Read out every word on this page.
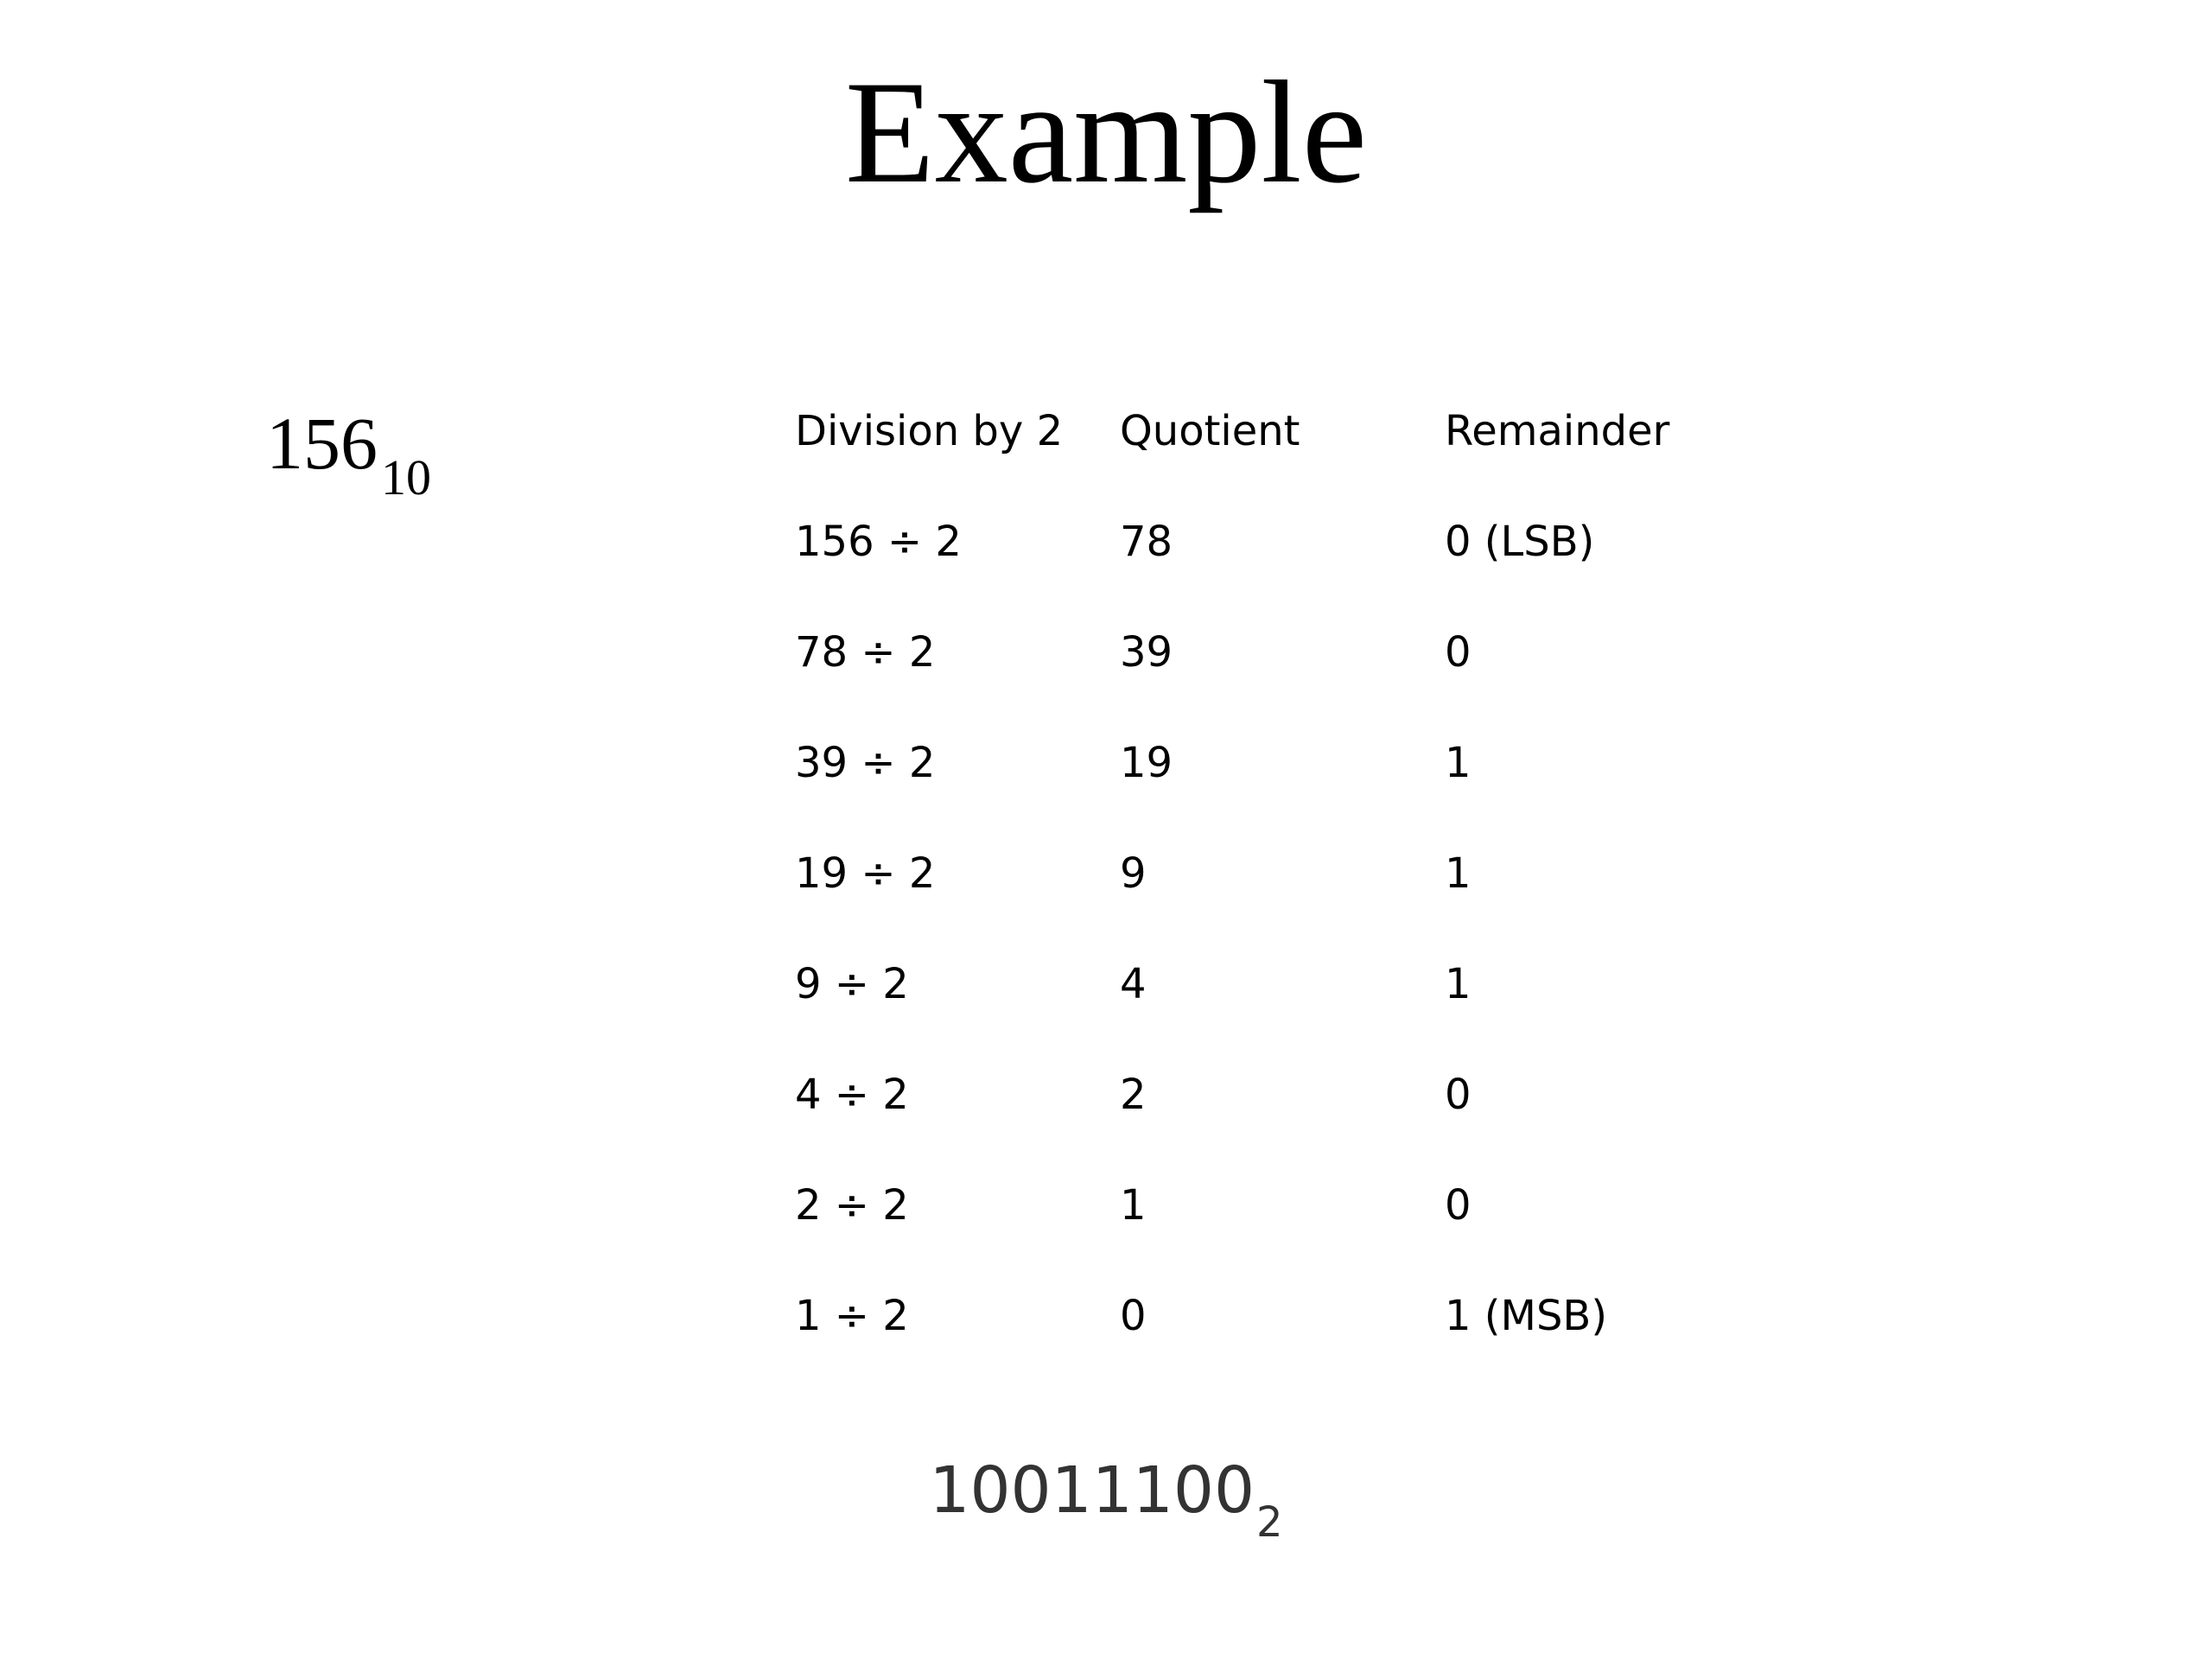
Example
$156_{10}$
Division by 2	Quotient	Remainder
156 ÷ 2	78	0 (LSB)
78 ÷ 2	39	0
39 ÷ 2	19	1
19 ÷ 2	9	1
9 ÷ 2	4	1
4 ÷ 2	2	0
2 ÷ 2	1	0
1 ÷ 2	0	1 (MSB)
$10011100_2$
